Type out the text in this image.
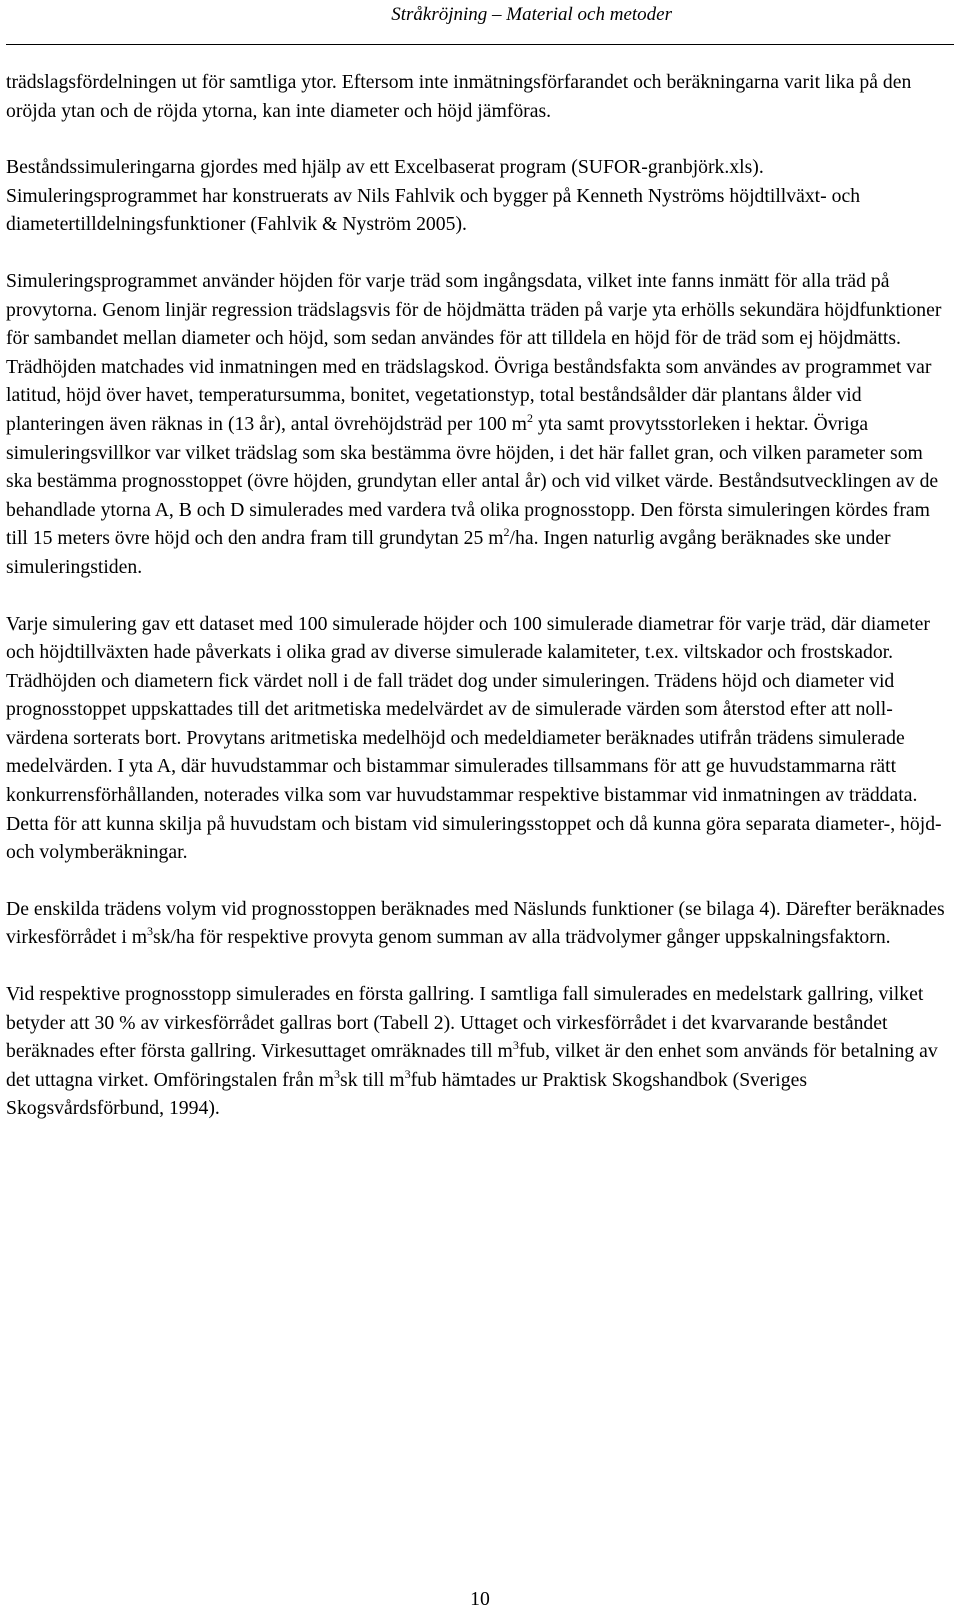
Stråkröjning – Material och metoder

trädslagsfördelningen ut för samtliga ytor. Eftersom inte inmätningsförfarandet och beräkningarna varit lika på den oröjda ytan och de röjda ytorna, kan inte diameter och höjd jämföras.

Beståndssimuleringarna gjordes med hjälp av ett Excelbaserat program (SUFOR-granbjörk.xls). Simuleringsprogrammet har konstruerats av Nils Fahlvik och bygger på Kenneth Nyströms höjdtillväxt- och diametertilldelningsfunktioner (Fahlvik & Nyström 2005).

Simuleringsprogrammet använder höjden för varje träd som ingångsdata, vilket inte fanns inmätt för alla träd på provytorna. Genom linjär regression trädslagsvis för de höjdmätta träden på varje yta erhölls sekundära höjdfunktioner för sambandet mellan diameter och höjd, som sedan användes för att tilldela en höjd för de träd som ej höjdmätts. Trädhöjden matchades vid inmatningen med en trädslagskod. Övriga beståndsfakta som användes av programmet var latitud, höjd över havet, temperatursumma, bonitet, vegetationstyp, total beståndsålder där plantans ålder vid planteringen även räknas in (13 år), antal övrehöjdsträd per 100 $m^2$ yta samt provytsstorleken i hektar. Övriga simuleringsvillkor var vilket trädslag som ska bestämma övre höjden, i det här fallet gran, och vilken parameter som ska bestämma prognosstoppet (övre höjden, grundytan eller antal år) och vid vilket värde. Beståndsutvecklingen av de behandlade ytorna A, B och D simulerades med vardera två olika prognosstopp. Den första simuleringen kördes fram till 15 meters övre höjd och den andra fram till grundytan 25 $m^2/ha$. Ingen naturlig avgång beräknades ske under simuleringstiden.

Varje simulering gav ett dataset med 100 simulerade höjder och 100 simulerade diametrar för varje träd, där diameter och höjdtillväxten hade påverkats i olika grad av diverse simulerade kalamiteter, t.ex. viltskador och frostskador. Trädhöjden och diametern fick värdet noll i de fall trädet dog under simuleringen. Trädens höjd och diameter vid prognosstoppet uppskattades till det aritmetiska medelvärdet av de simulerade värden som återstod efter att noll-värdena sorterats bort. Provytans aritmetiska medelhöjd och medeldiameter beräknades utifrån trädens simulerade medelvärden. I yta A, där huvudstammar och bistammar simulerades tillsammans för att ge huvudstammarna rätt konkurrensförhållanden, noterades vilka som var huvudstammar respektive bistammar vid inmatningen av träddata. Detta för att kunna skilja på huvudstam och bistam vid simuleringsstoppet och då kunna göra separata diameter-, höjd- och volymberäkningar.

De enskilda trädens volym vid prognosstoppen beräknades med Näslunds funktioner (se bilaga 4). Därefter beräknades virkesförrådet i $m^3sk/ha$ för respektive provyta genom summan av alla trädvolymer gånger uppskalningsfaktorn.

Vid respektive prognosstopp simulerades en första gallring. I samtliga fall simulerades en medelstark gallring, vilket betyder att 30 % av virkesförrådet gallras bort (Tabell 2). Uttaget och virkesförrådet i det kvarvarande beståndet beräknades efter första gallring. Virkesuttaget omräknades till $m^3fub$, vilket är den enhet som används för betalning av det uttagna virket. Omföringstalen från $m^3sk$ till $m^3fub$ hämtades ur Praktisk Skogshandbok (Sveriges Skogsvårdsförbund, 1994).

10
